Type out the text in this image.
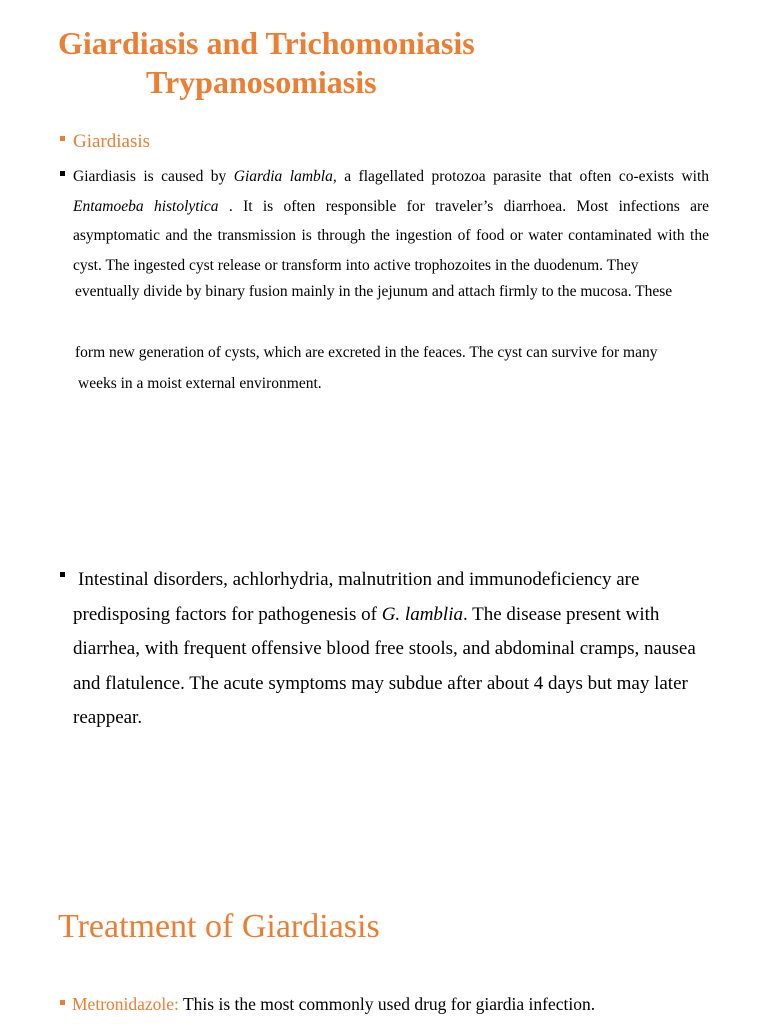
Giardiasis and Trichomoniasis
Trypanosomiasis
Giardiasis

Giardiasis is caused by Giardia lambla, a flagellated protozoa parasite that often co-exists with Entamoeba histolytica . It is often responsible for traveler’s diarrhoea. Most infections are asymptomatic and the transmission is through the ingestion of food or water contaminated with the cyst. The ingested cyst release or transform into active trophozoites in the duodenum. They

eventually divide by binary fusion mainly in the jejunum and attach firmly to the mucosa. These
form new generation of cysts, which are excreted in the feaces. The cyst can survive for many
weeks in a moist external environment.

Intestinal disorders, achlorhydria, malnutrition and immunodeficiency are predisposing factors for pathogenesis of G. lamblia. The disease present with diarrhea, with frequent offensive blood free stools, and abdominal cramps, nausea and flatulence. The acute symptoms may subdue after about 4 days but may later reappear.

Treatment of Giardiasis
Metronidazole: This is the most commonly used drug for giardia infection.
